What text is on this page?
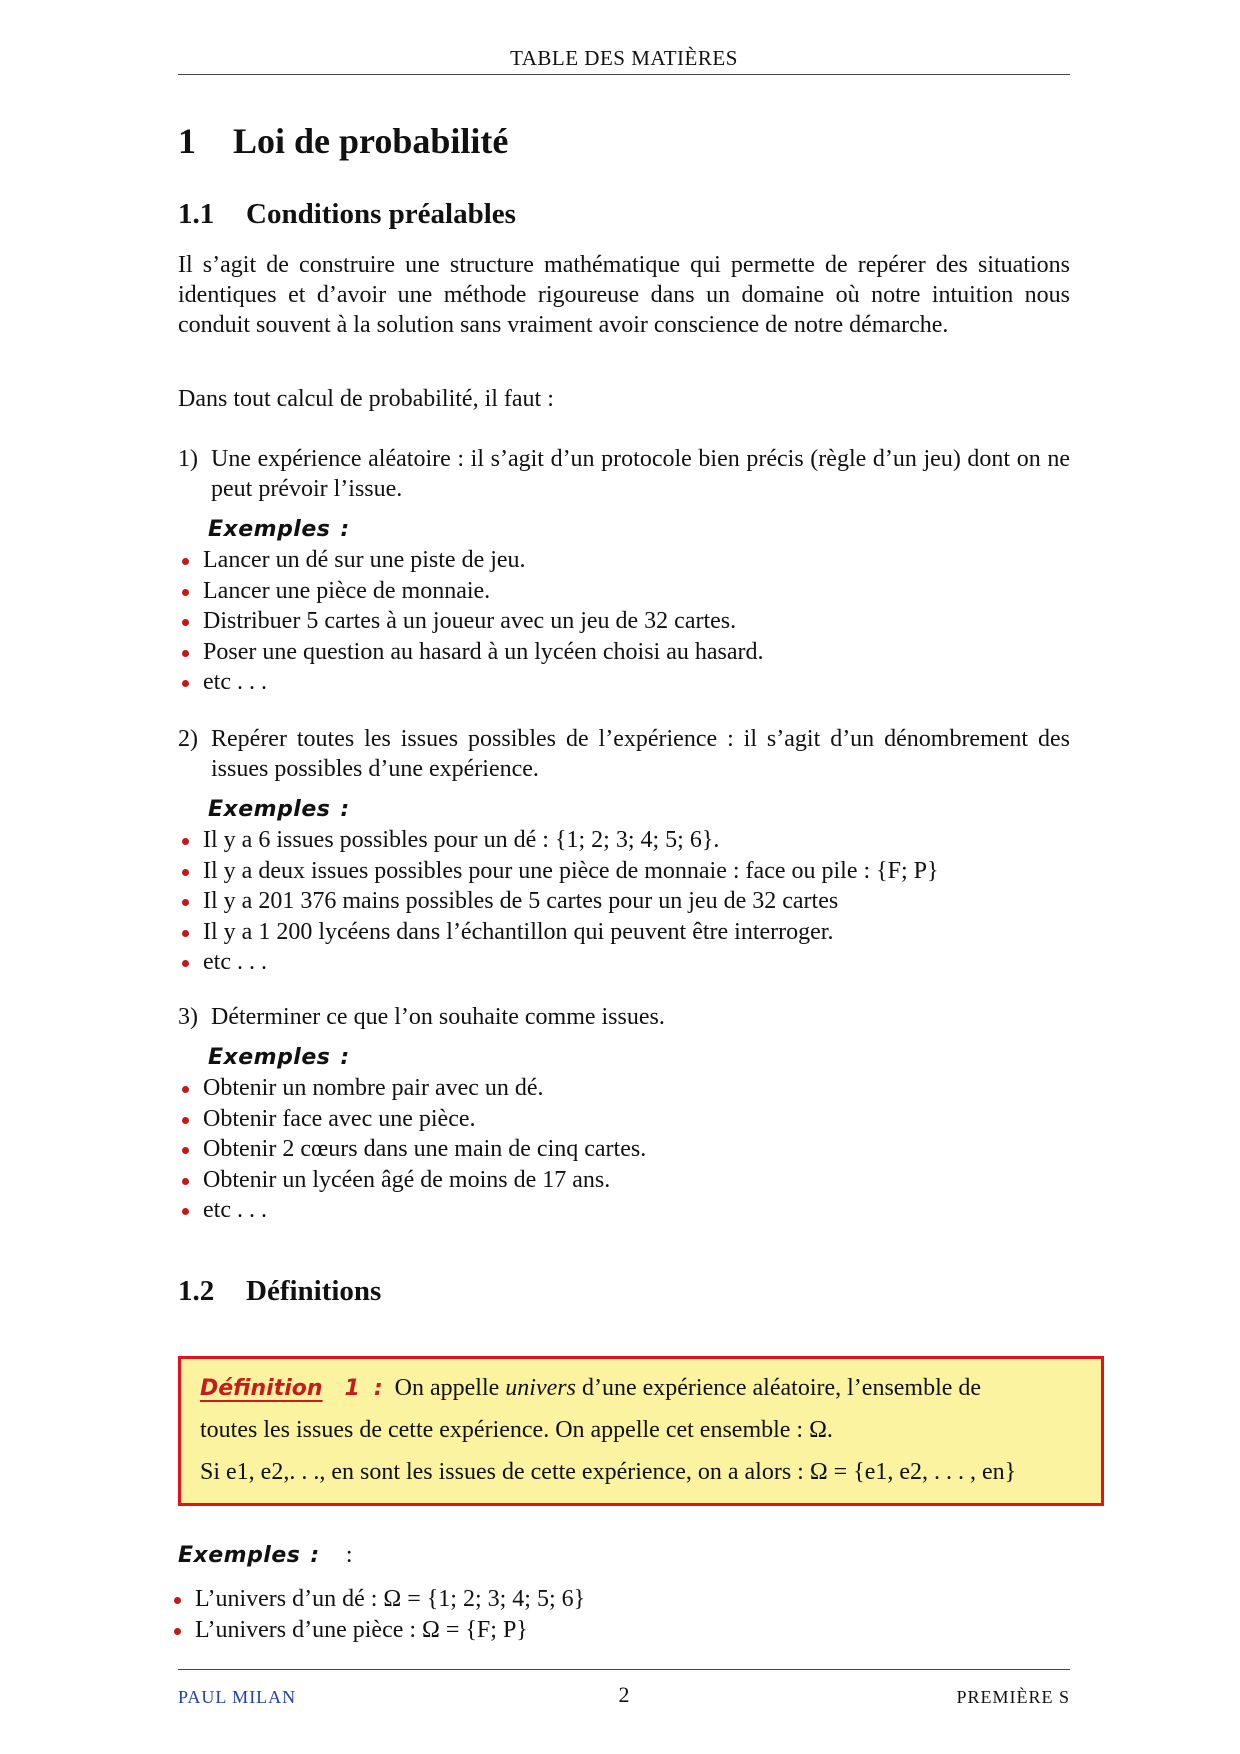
TABLE DES MATIÈRES
1 Loi de probabilité
1.1 Conditions préalables
Il s’agit de construire une structure mathématique qui permette de repérer des situations identiques et d’avoir une méthode rigoureuse dans un domaine où notre intuition nous conduit souvent à la solution sans vraiment avoir conscience de notre démarche.
Dans tout calcul de probabilité, il faut :
1) Une expérience aléatoire : il s’agit d’un protocole bien précis (règle d’un jeu) dont on ne peut prévoir l’issue.
Exemples :
Lancer un dé sur une piste de jeu.
Lancer une pièce de monnaie.
Distribuer 5 cartes à un joueur avec un jeu de 32 cartes.
Poser une question au hasard à un lycéen choisi au hasard.
etc . . .
2) Repérer toutes les issues possibles de l’expérience : il s’agit d’un dénombrement des issues possibles d’une expérience.
Exemples :
Il y a 6 issues possibles pour un dé : {1; 2; 3; 4; 5; 6}.
Il y a deux issues possibles pour une pièce de monnaie : face ou pile : {F; P}
Il y a 201 376 mains possibles de 5 cartes pour un jeu de 32 cartes
Il y a 1 200 lycéens dans l’échantillon qui peuvent être interroger.
etc . . .
3) Déterminer ce que l’on souhaite comme issues.
Exemples :
Obtenir un nombre pair avec un dé.
Obtenir face avec une pièce.
Obtenir 2 cœurs dans une main de cinq cartes.
Obtenir un lycéen âgé de moins de 17 ans.
etc . . .
1.2 Définitions
Définition 1 : On appelle univers d’une expérience aléatoire, l’ensemble de
toutes les issues de cette expérience. On appelle cet ensemble : Ω.
Si e1, e2,. . ., en sont les issues de cette expérience, on a alors : Ω = {e1, e2, . . . , en}
Exemples : :
L’univers d’un dé : Ω = {1; 2; 3; 4; 5; 6}
L’univers d’une pièce : Ω = {F; P}
PAUL MILAN	2	PREMIÈRE S
